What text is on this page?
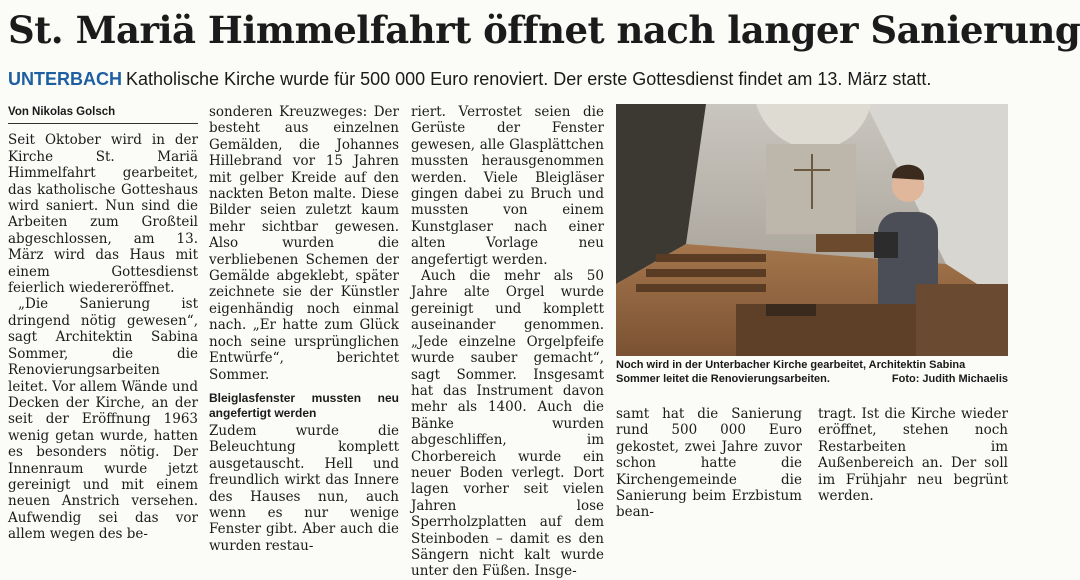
St. Mariä Himmelfahrt öffnet nach langer Sanierung
UNTERBACH Katholische Kirche wurde für 500 000 Euro renoviert. Der erste Gottesdienst findet am 13. März statt.
Von Nikolas Golsch

Seit Oktober wird in der Kirche St. Mariä Himmelfahrt gearbeitet, das katholische Gotteshaus wird saniert. Nun sind die Arbeiten zum Großteil abgeschlossen, am 13. März wird das Haus mit einem Gottesdienst feierlich wiedereröffnet.

„Die Sanierung ist dringend nötig gewesen“, sagt Architektin Sabina Sommer, die die Renovierungsarbeiten leitet. Vor allem Wände und Decken der Kirche, an der seit der Eröffnung 1963 wenig getan wurde, hatten es besonders nötig. Der Innenraum wurde jetzt gereinigt und mit einem neuen Anstrich versehen. Aufwendig sei das vor allem wegen des be-

sonderen Kreuzweges: Der besteht aus einzelnen Gemälden, die Johannes Hillebrand vor 15 Jahren mit gelber Kreide auf den nackten Beton malte. Diese Bilder seien zuletzt kaum mehr sichtbar gewesen. Also wurden die verbliebenen Schemen der Gemälde abgeklebt, später zeichnete sie der Künstler eigenhändig noch einmal nach. „Er hatte zum Glück noch seine ursprünglichen Entwürfe“, berichtet Sommer.

Bleiglasfenster mussten neu angefertigt werden

Zudem wurde die Beleuchtung komplett ausgetauscht. Hell und freundlich wirkt das Innere des Hauses nun, auch wenn es nur wenige Fenster gibt. Aber auch die wurden restau-

riert. Verrostet seien die Gerüste der Fenster gewesen, alle Glasplättchen mussten herausgenommen werden. Viele Bleigläser gingen dabei zu Bruch und mussten von einem Kunstglaser nach einer alten Vorlage neu angefertigt werden.

Auch die mehr als 50 Jahre alte Orgel wurde gereinigt und komplett auseinander genommen. „Jede einzelne Orgelpfeife wurde sauber gemacht“, sagt Sommer. Insgesamt hat das Instrument davon mehr als 1400. Auch die Bänke wurden abgeschliffen, im Chorbereich wurde ein neuer Boden verlegt. Dort lagen vorher seit vielen Jahren lose Sperrholzplatten auf dem Steinboden – damit es den Sängern nicht kalt wurde unter den Füßen. Insge-

Noch wird in der Unterbacher Kirche gearbeitet, Architektin Sabina Sommer leitet die Renovierungsarbeiten.	Foto: Judith Michaelis

samt hat die Sanierung rund 500 000 Euro gekostet, zwei Jahre zuvor schon hatte die Kirchengemeinde die Sanierung beim Erzbistum bean-

tragt. Ist die Kirche wieder eröffnet, stehen noch Restarbeiten im Außenbereich an. Der soll im Frühjahr neu begrünt werden.
